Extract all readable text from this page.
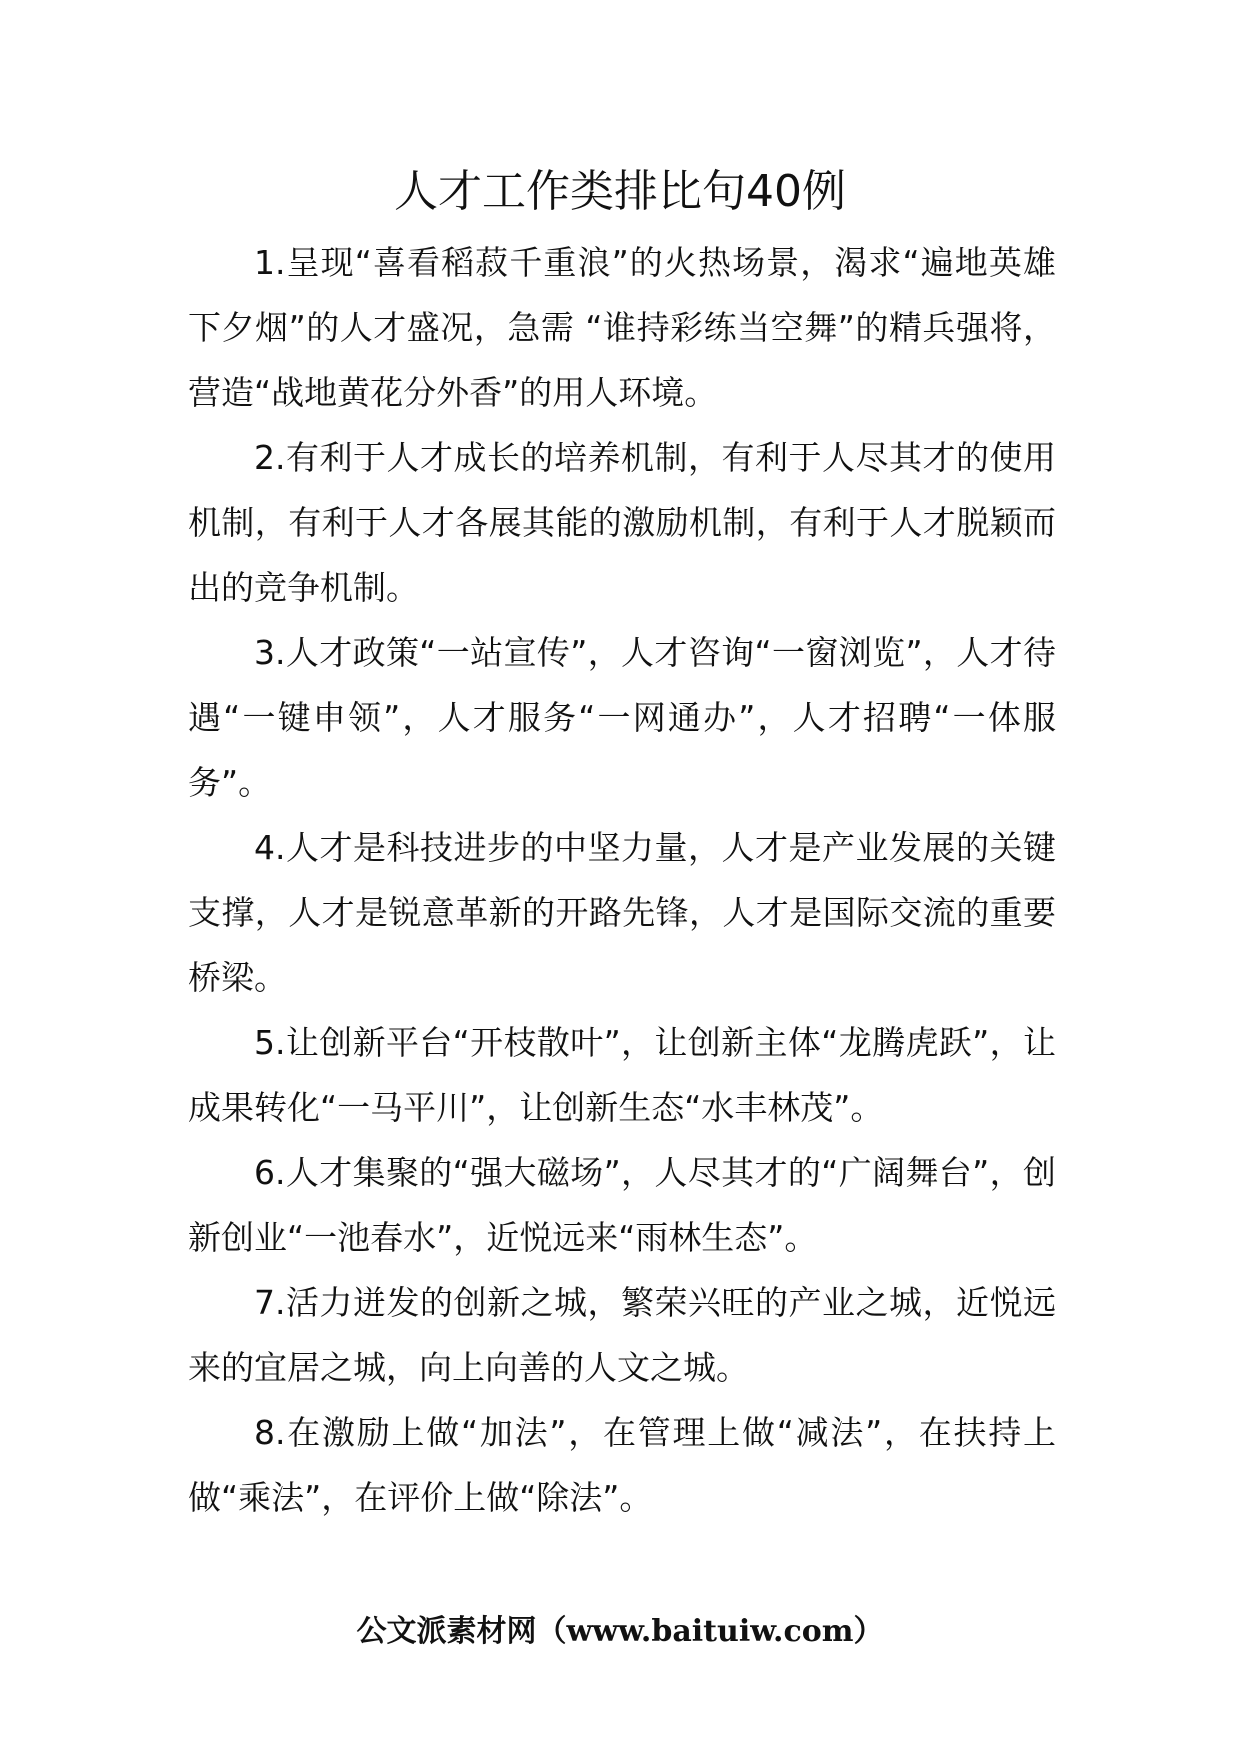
人才工作类排比句40例

1.呈现“喜看稻菽千重浪”的火热场景，渴求“遍地英雄下夕烟”的人才盛况，急需 “谁持彩练当空舞”的精兵强将，营造“战地黄花分外香”的用人环境。

2.有利于人才成长的培养机制，有利于人尽其才的使用机制，有利于人才各展其能的激励机制，有利于人才脱颖而出的竞争机制。

3.人才政策“一站宣传”，人才咨询“一窗浏览”，人才待遇“一键申领”，人才服务“一网通办”，人才招聘“一体服务”。

4.人才是科技进步的中坚力量，人才是产业发展的关键支撑，人才是锐意革新的开路先锋，人才是国际交流的重要桥梁。

5.让创新平台“开枝散叶”，让创新主体“龙腾虎跃”，让成果转化“一马平川”，让创新生态“水丰林茂”。

6.人才集聚的“强大磁场”，人尽其才的“广阔舞台”，创新创业“一池春水”，近悦远来“雨林生态”。

7.活力迸发的创新之城，繁荣兴旺的产业之城，近悦远来的宜居之城，向上向善的人文之城。

8.在激励上做“加法”，在管理上做“减法”，在扶持上做“乘法”，在评价上做“除法”。

公文派素材网（www.baituiw.com）
